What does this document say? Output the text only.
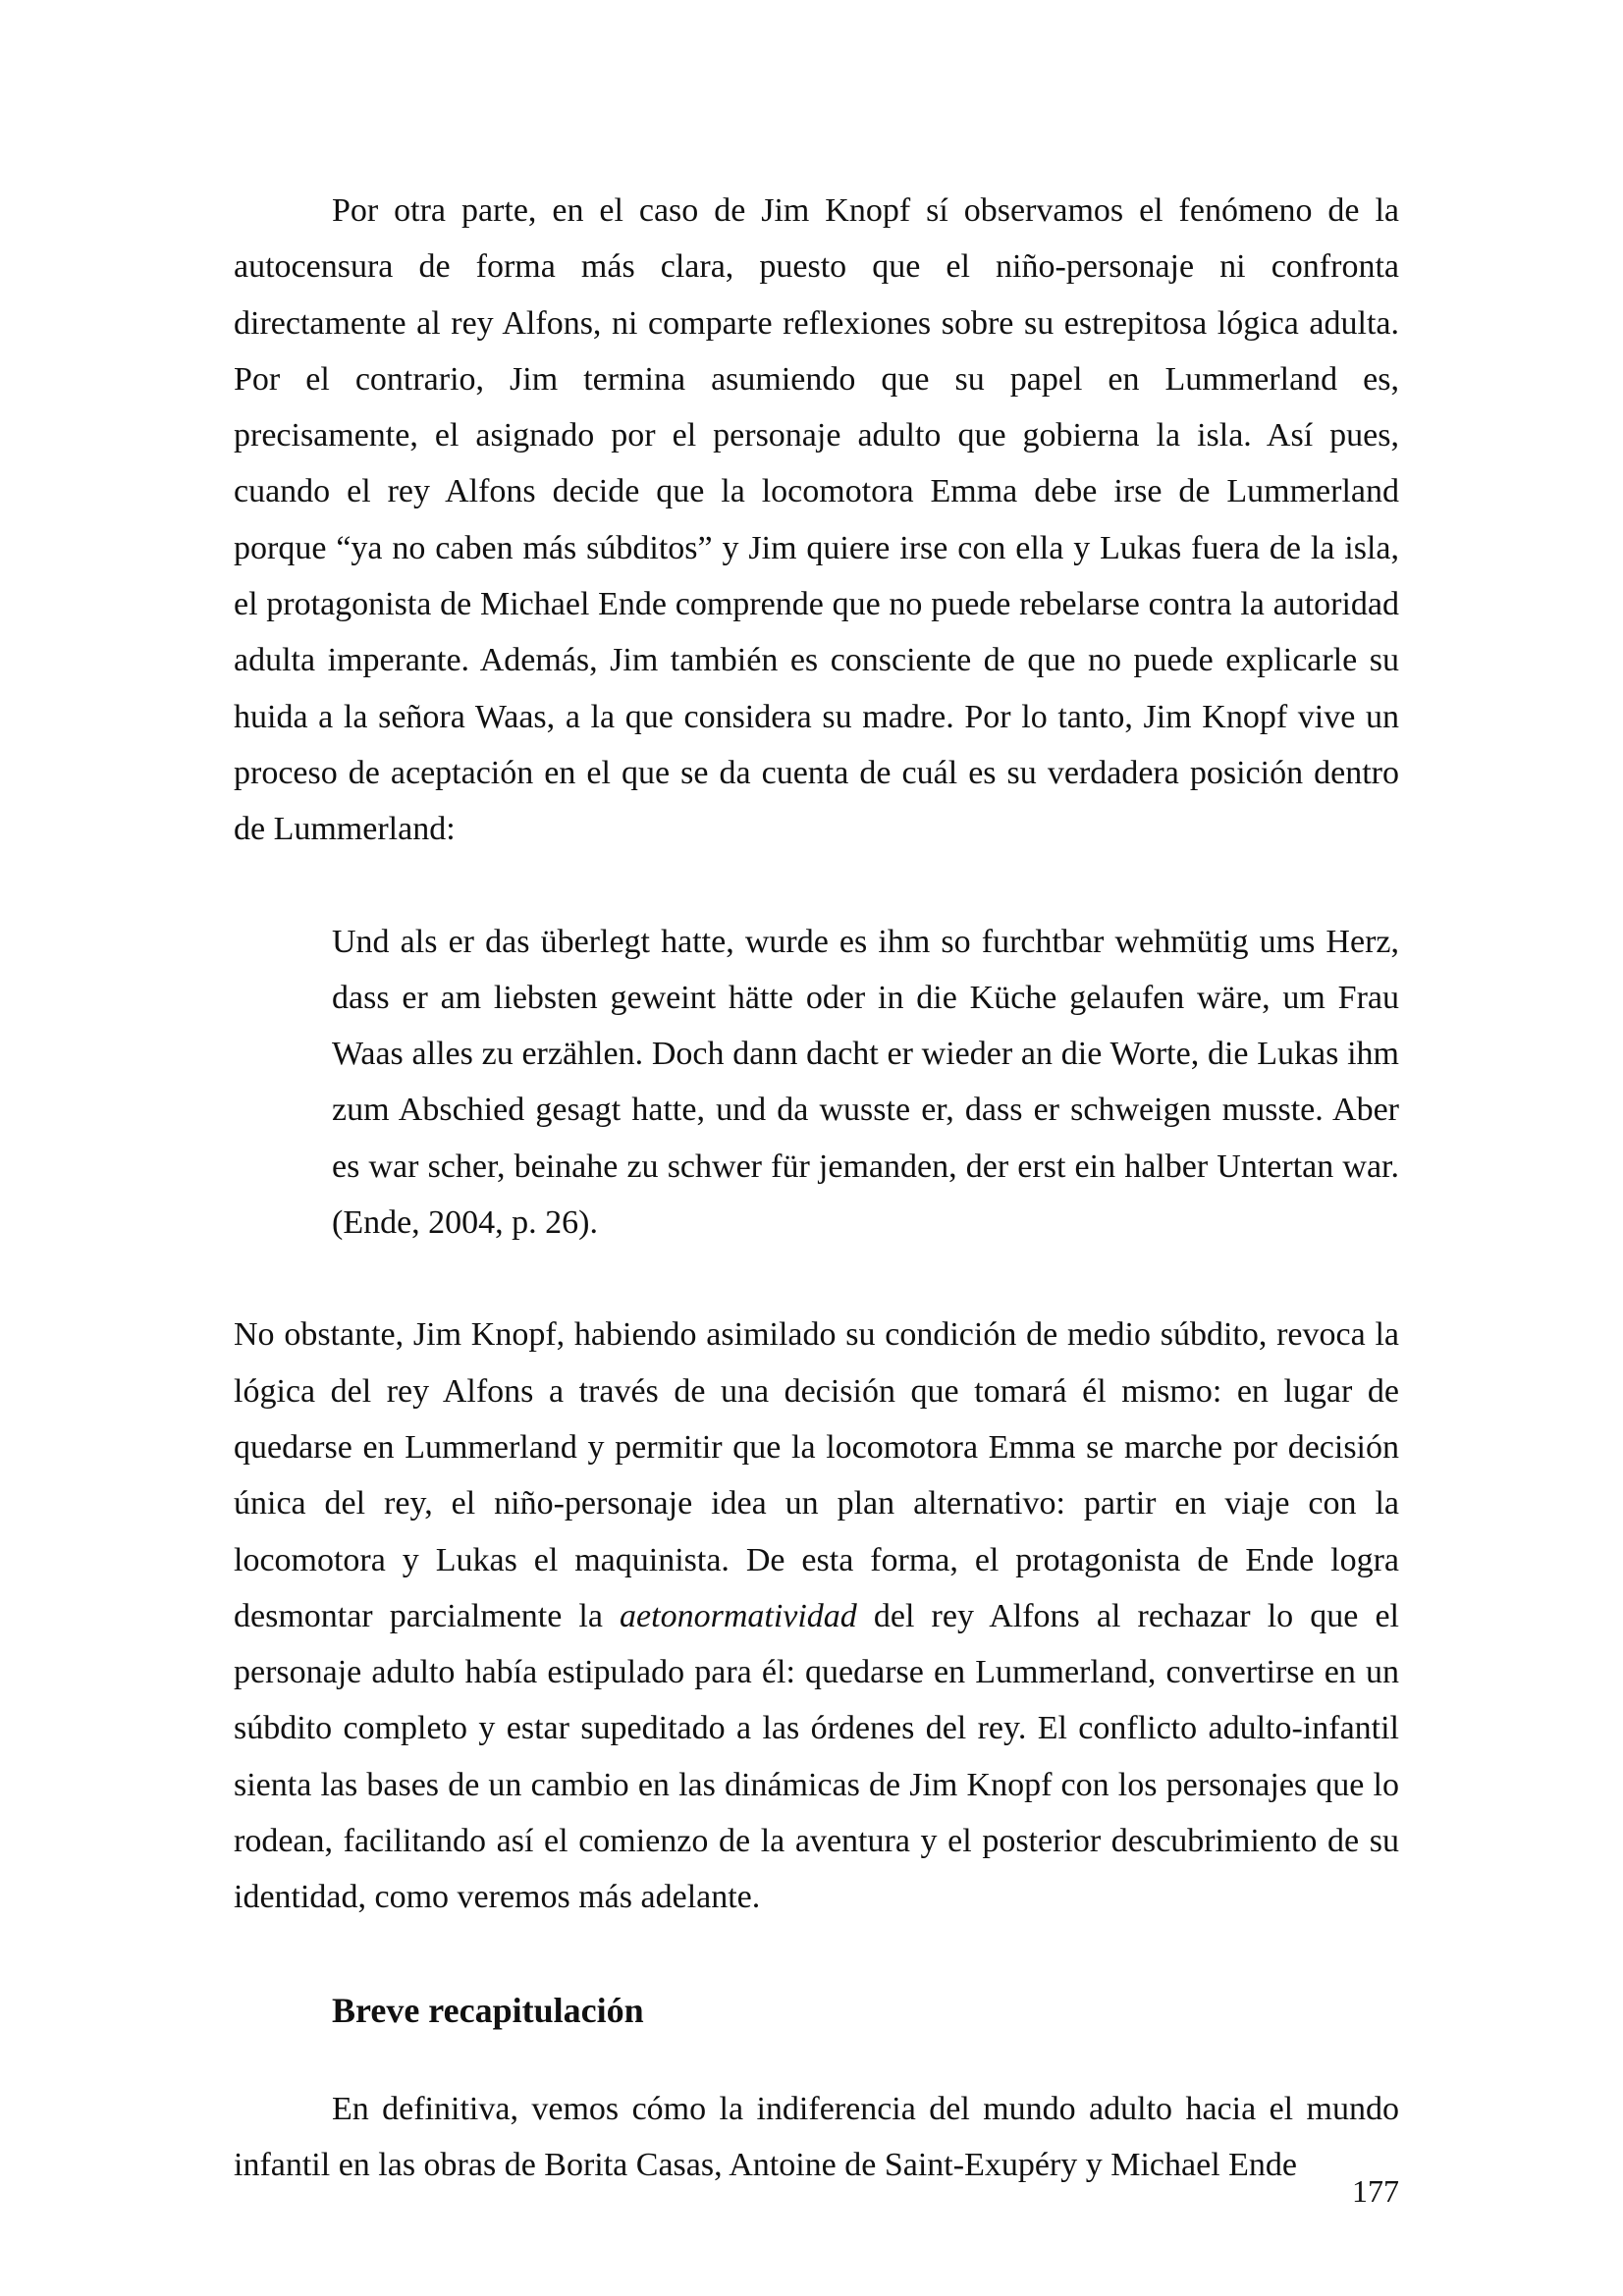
Por otra parte, en el caso de Jim Knopf sí observamos el fenómeno de la autocensura de forma más clara, puesto que el niño-personaje ni confronta directamente al rey Alfons, ni comparte reflexiones sobre su estrepitosa lógica adulta. Por el contrario, Jim termina asumiendo que su papel en Lummerland es, precisamente, el asignado por el personaje adulto que gobierna la isla. Así pues, cuando el rey Alfons decide que la locomotora Emma debe irse de Lummerland porque “ya no caben más súbditos” y Jim quiere irse con ella y Lukas fuera de la isla, el protagonista de Michael Ende comprende que no puede rebelarse contra la autoridad adulta imperante. Además, Jim también es consciente de que no puede explicarle su huida a la señora Waas, a la que considera su madre. Por lo tanto, Jim Knopf vive un proceso de aceptación en el que se da cuenta de cuál es su verdadera posición dentro de Lummerland:

Und als er das überlegt hatte, wurde es ihm so furchtbar wehmütig ums Herz, dass er am liebsten geweint hätte oder in die Küche gelaufen wäre, um Frau Waas alles zu erzählen. Doch dann dacht er wieder an die Worte, die Lukas ihm zum Abschied gesagt hatte, und da wusste er, dass er schweigen musste. Aber es war scher, beinahe zu schwer für jemanden, der erst ein halber Untertan war. (Ende, 2004, p. 26).

No obstante, Jim Knopf, habiendo asimilado su condición de medio súbdito, revoca la lógica del rey Alfons a través de una decisión que tomará él mismo: en lugar de quedarse en Lummerland y permitir que la locomotora Emma se marche por decisión única del rey, el niño-personaje idea un plan alternativo: partir en viaje con la locomotora y Lukas el maquinista. De esta forma, el protagonista de Ende logra desmontar parcialmente la aetonormatividad del rey Alfons al rechazar lo que el personaje adulto había estipulado para él: quedarse en Lummerland, convertirse en un súbdito completo y estar supeditado a las órdenes del rey. El conflicto adulto-infantil sienta las bases de un cambio en las dinámicas de Jim Knopf con los personajes que lo rodean, facilitando así el comienzo de la aventura y el posterior descubrimiento de su identidad, como veremos más adelante.

Breve recapitulación

En definitiva, vemos cómo la indiferencia del mundo adulto hacia el mundo infantil en las obras de Borita Casas, Antoine de Saint-Exupéry y Michael Ende

177
